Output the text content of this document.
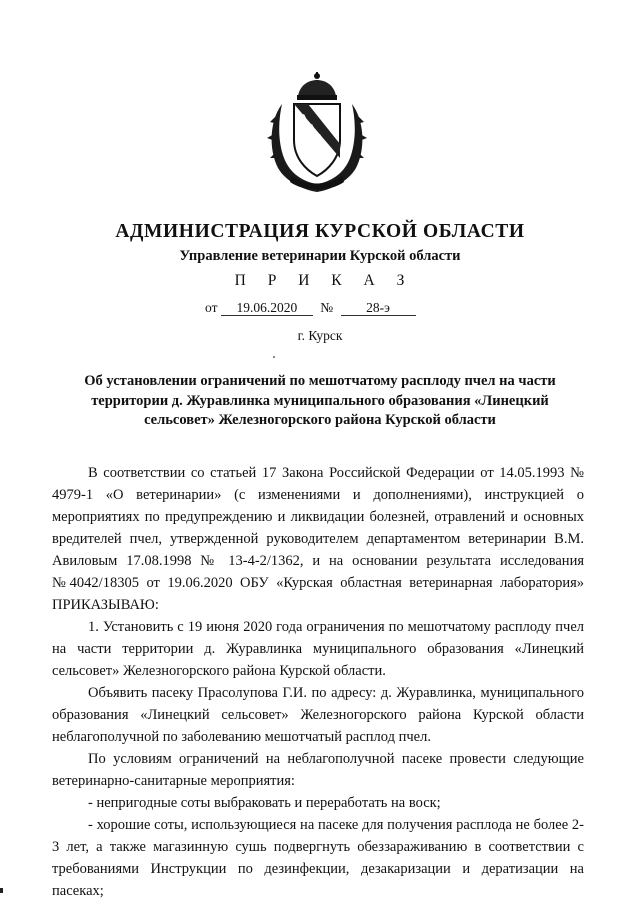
АДМИНИСТРАЦИЯ КУРСКОЙ ОБЛАСТИ
Управление ветеринарии Курской области
П Р И К А З
от 19.06.2020 № 28-э
г. Курск
Об установлении ограничений по мешотчатому расплоду пчел на части территории д. Журавлинка муниципального образования «Линецкий сельсовет» Железногорского района Курской области

В соответствии со статьей 17 Закона Российской Федерации от 14.05.1993 № 4979-1 «О ветеринарии» (с изменениями и дополнениями), инструкцией о мероприятиях по предупреждению и ликвидации болезней, отравлений и основных вредителей пчел, утвержденной руководителем департаментом ветеринарии В.М. Авиловым 17.08.1998 № 13-4-2/1362, и на основании результата исследования №4042/18305 от 19.06.2020 ОБУ «Курская областная ветеринарная лаборатория» ПРИКАЗЫВАЮ:

1. Установить с 19 июня 2020 года ограничения по мешотчатому расплоду пчел на части территории д. Журавлинка муниципального образования «Линецкий сельсовет» Железногорского района Курской области.

Объявить пасеку Прасолупова Г.И. по адресу: д. Журавлинка, муниципального образования «Линецкий сельсовет» Железногорского района Курской области неблагополучной по заболеванию мешотчатый расплод пчел.

По условиям ограничений на неблагополучной пасеке провести следующие ветеринарно-санитарные мероприятия:

- непригодные соты выбраковать и переработать на воск;

- хорошие соты, использующиеся на пасеке для получения расплода не более 2-3 лет, а также магазинную сушь подвергнуть обеззараживанию в соответствии с требованиями Инструкции по дезинфекции, дезакаризации и дератизации на пасеках;
